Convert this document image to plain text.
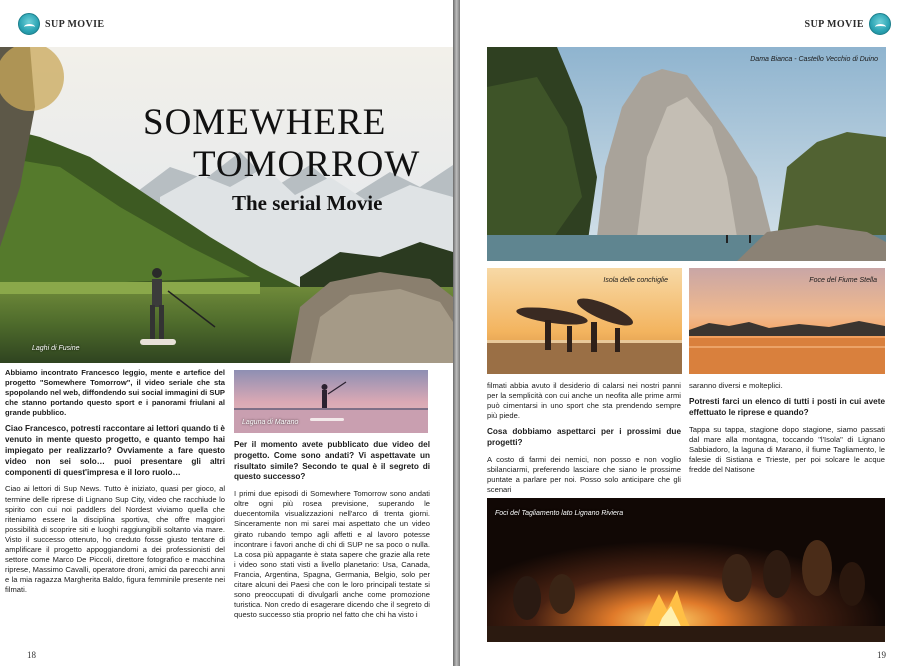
SUP MOVIE
SOMEWHERE
TOMORROW
The serial Movie
Laghi di Fusine
Laguna di Marano

Abbiamo incontrato Francesco leggio, mente e artefice del progetto "Somewhere Tomorrow", il video seriale che sta spopolando nel web, diffondendo sui social immagini di SUP che stanno portando questo sport e i panorami friulani al grande pubblico.

Ciao Francesco, potresti raccontare ai lettori quando ti è venuto in mente questo progetto, e quanto tempo hai impiegato per realizzarlo? Ovviamente a fare questo video non sei solo… puoi presentare gli altri componenti di quest'impresa e il loro ruolo…

Ciao ai lettori di Sup News. Tutto è iniziato, quasi per gioco, al termine delle riprese di Lignano Sup City, video che racchiude lo spirito con cui noi paddlers del Nordest viviamo quella che riteniamo essere la disciplina sportiva, che offre maggiori possibilità di scoprire siti e luoghi raggiungibili soltanto via mare. Visto il successo ottenuto, ho creduto fosse giusto tentare di amplificare il progetto appoggiandomi a dei professionisti del settore come Marco De Piccoli, direttore fotografico e macchina riprese, Massimo Cavalli, operatore droni, amici da parecchi anni e la mia ragazza Margherita Baldo, figura femminile presente nei filmati.

Per il momento avete pubblicato due video del progetto. Come sono andati? Vi aspettavate un risultato simile? Secondo te qual è il segreto di questo successo?

I primi due episodi di Somewhere Tomorrow sono andati oltre ogni più rosea previsione, superando le duecentomila visualizzazioni nell'arco di trenta giorni. Sinceramente non mi sarei mai aspettato che un video girato rubando tempo agli affetti e al lavoro potesse incontrare i favori anche di chi di SUP ne sa poco o nulla. La cosa più appagante è stata sapere che grazie alla rete i video sono stati visti a livello planetario: Usa, Canada, Francia, Argentina, Spagna, Germania, Belgio, solo per citare alcuni dei Paesi che con le loro principali testate si sono preoccupati di divulgarli anche come promozione turistica. Non credo di esagerare dicendo che il segreto di questo successo stia proprio nel fatto che chi ha visto i

18
SUP MOVIE
Dama Bianca - Castello Vecchio di Duino
Isola delle conchiglie	Foce del Fiume Stella

filmati abbia avuto il desiderio di calarsi nei nostri panni per la semplicità con cui anche un neofita alle prime armi può cimentarsi in uno sport che sta prendendo sempre più piede.

Cosa dobbiamo aspettarci per i prossimi due progetti?

A costo di farmi dei nemici, non posso e non voglio sbilanciarmi, preferendo lasciare che siano le prossime puntate a parlare per noi. Posso solo anticipare che gli scenari

saranno diversi e molteplici.

Potresti farci un elenco di tutti i posti in cui avete effettuato le riprese e quando?

Tappa su tappa, stagione dopo stagione, siamo passati dal mare alla montagna, toccando "l'Isola" di Lignano Sabbiadoro, la laguna di Marano, il fiume Tagliamento, le falesie di Sistiana e Trieste, per poi solcare le acque fredde del Natisone

Foci del Tagliamento lato Lignano Riviera
19
